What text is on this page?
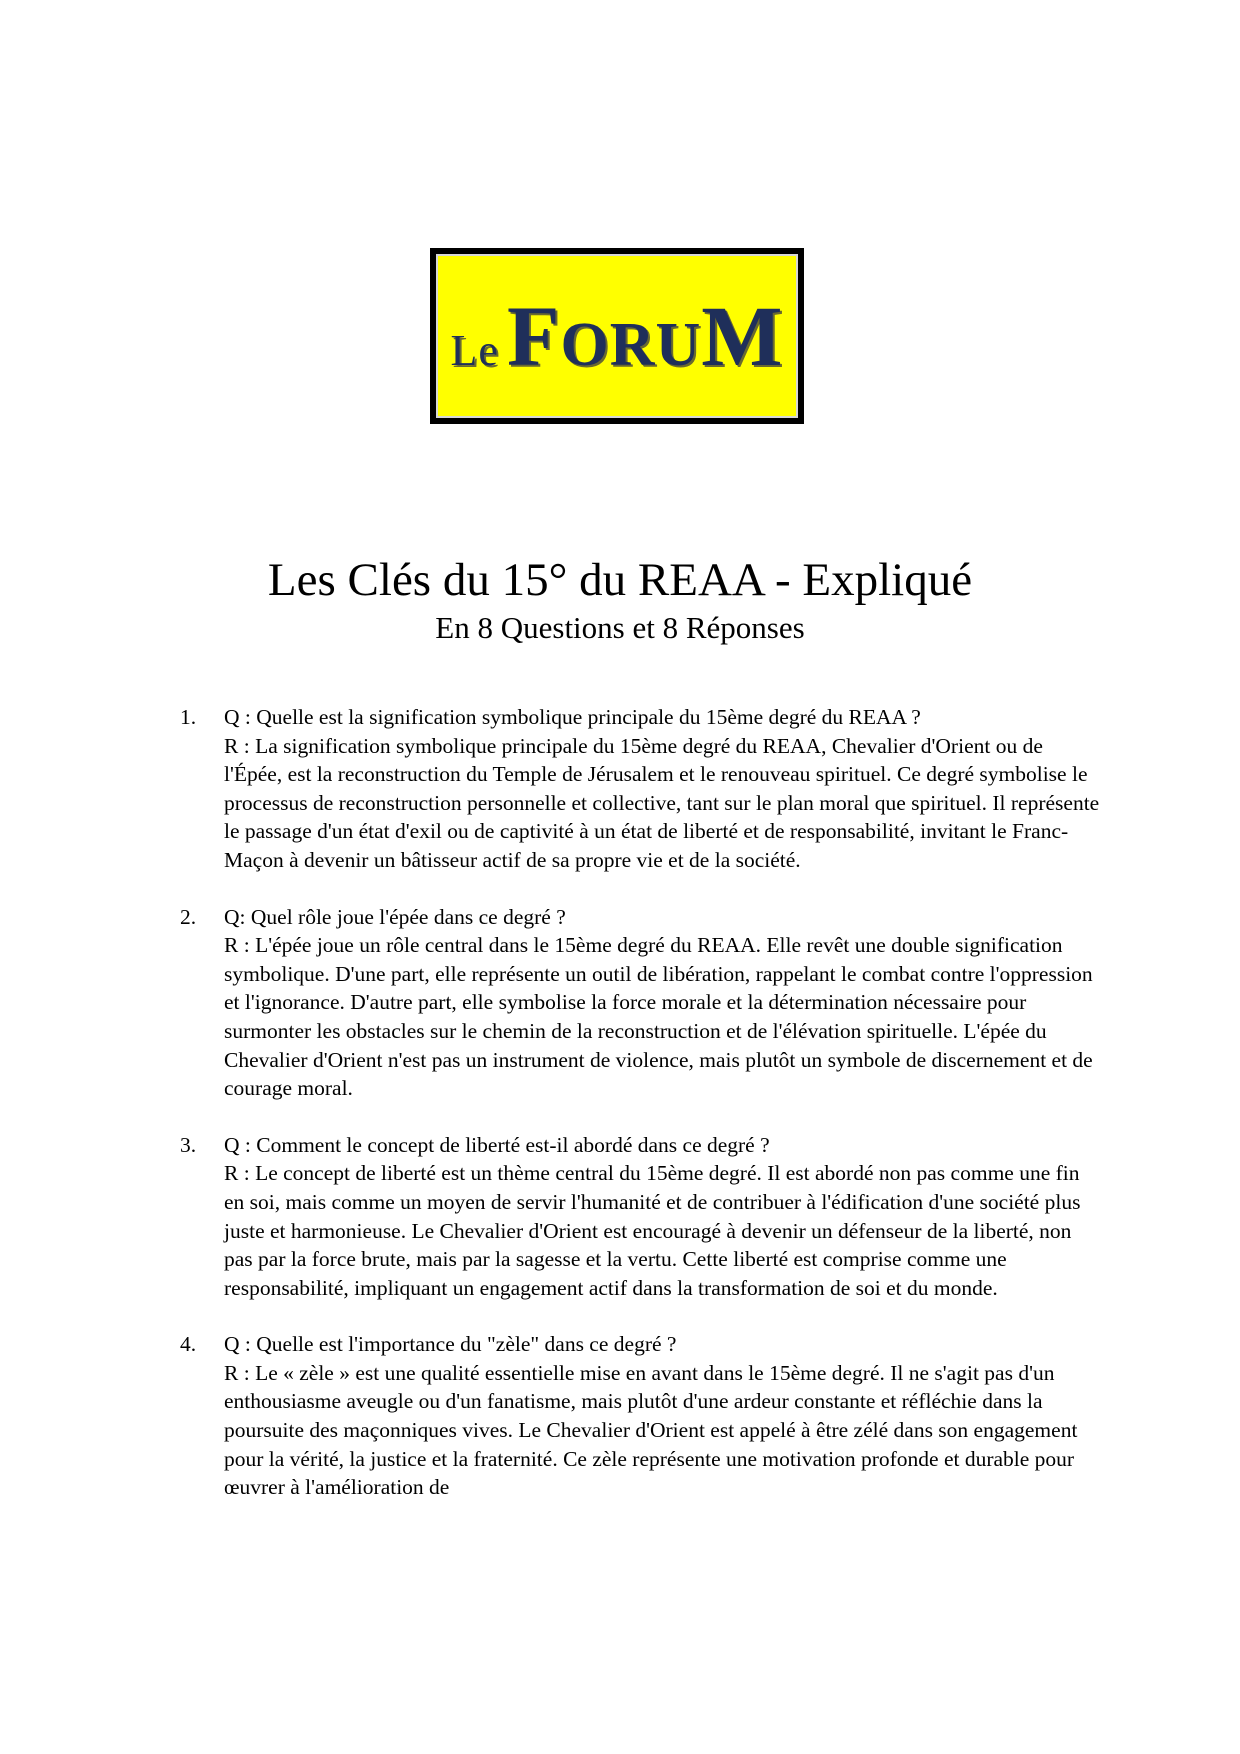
Le F ORU M
Les Clés du 15° du REAA - Expliqué
En 8 Questions et 8 Réponses
1. Q : Quelle est la signification symbolique principale du 15ème degré du REAA ?
R : La signification symbolique principale du 15ème degré du REAA, Chevalier d'Orient ou de l'Épée, est la reconstruction du Temple de Jérusalem et le renouveau spirituel. Ce degré symbolise le processus de reconstruction personnelle et collective, tant sur le plan moral que spirituel. Il représente le passage d'un état d'exil ou de captivité à un état de liberté et de responsabilité, invitant le Franc-Maçon à devenir un bâtisseur actif de sa propre vie et de la société.
2. Q: Quel rôle joue l'épée dans ce degré ?
R : L'épée joue un rôle central dans le 15ème degré du REAA. Elle revêt une double signification symbolique. D'une part, elle représente un outil de libération, rappelant le combat contre l'oppression et l'ignorance. D'autre part, elle symbolise la force morale et la détermination nécessaire pour surmonter les obstacles sur le chemin de la reconstruction et de l'élévation spirituelle. L'épée du Chevalier d'Orient n'est pas un instrument de violence, mais plutôt un symbole de discernement et de courage moral.
3. Q : Comment le concept de liberté est-il abordé dans ce degré ?
R : Le concept de liberté est un thème central du 15ème degré. Il est abordé non pas comme une fin en soi, mais comme un moyen de servir l'humanité et de contribuer à l'édification d'une société plus juste et harmonieuse. Le Chevalier d'Orient est encouragé à devenir un défenseur de la liberté, non pas par la force brute, mais par la sagesse et la vertu. Cette liberté est comprise comme une responsabilité, impliquant un engagement actif dans la transformation de soi et du monde.
4. Q : Quelle est l'importance du "zèle" dans ce degré ?
R : Le « zèle » est une qualité essentielle mise en avant dans le 15ème degré. Il ne s'agit pas d'un enthousiasme aveugle ou d'un fanatisme, mais plutôt d'une ardeur constante et réfléchie dans la poursuite des maçonniques vives. Le Chevalier d'Orient est appelé à être zélé dans son engagement pour la vérité, la justice et la fraternité. Ce zèle représente une motivation profonde et durable pour œuvrer à l'amélioration de
